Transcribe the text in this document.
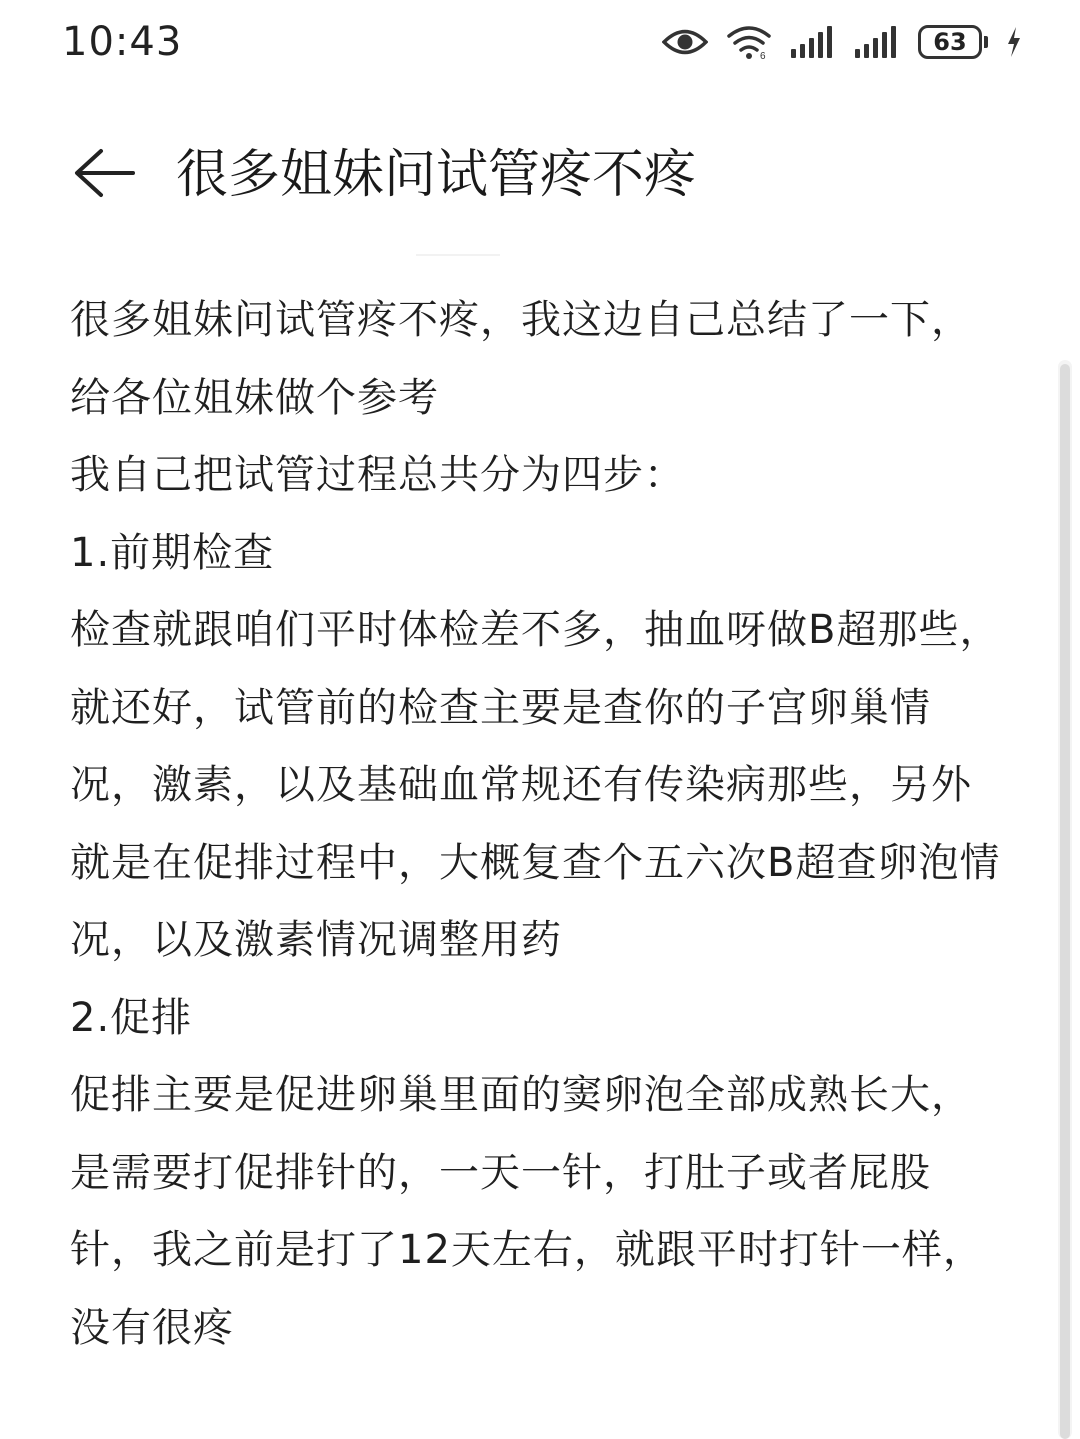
10:43	6
63
很多姐妹问试管疼不疼

很多姐妹问试管疼不疼，我这边自己总结了一下，给各位姐妹做个参考

我自己把试管过程总共分为四步：

1.前期检查

检查就跟咱们平时体检差不多，抽血呀做B超那些，就还好，试管前的检查主要是查你的子宫卵巢情况，激素，以及基础血常规还有传染病那些，另外就是在促排过程中，大概复查个五六次B超查卵泡情况，以及激素情况调整用药

2.促排

促排主要是促进卵巢里面的窦卵泡全部成熟长大，是需要打促排针的，一天一针，打肚子或者屁股针，我之前是打了12天左右，就跟平时打针一样，没有很疼
